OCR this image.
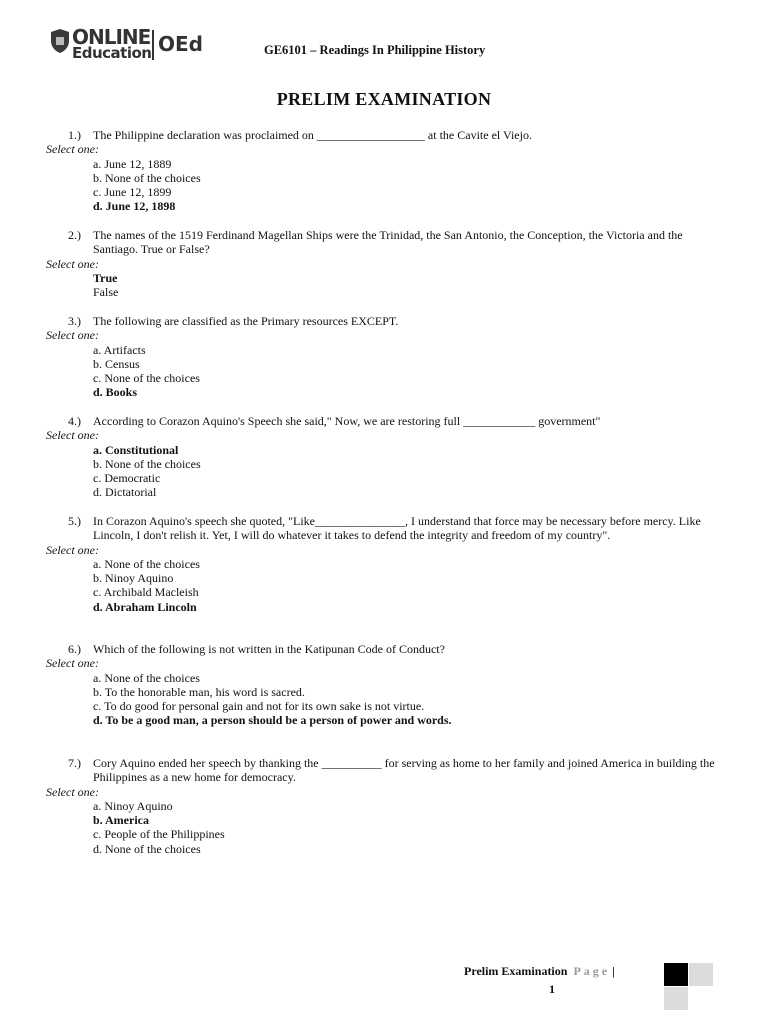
ONLINE
Education OEd	GE6101 – Readings In Philippine History
PRELIM EXAMINATION
1.) The Philippine declaration was proclaimed on __________________ at the Cavite el Viejo.
Select one:
a. June 12, 1889
b. None of the choices
c. June 12, 1899
d. June 12, 1898
2.) The names of the 1519 Ferdinand Magellan Ships were the Trinidad, the San Antonio, the Conception, the Victoria and the Santiago. True or False?
Select one:
True
False
3.) The following are classified as the Primary resources EXCEPT.
Select one:
a. Artifacts
b. Census
c. None of the choices
d. Books
4.) According to Corazon Aquino's Speech she said," Now, we are restoring full ____________ government"
Select one:
a. Constitutional
b. None of the choices
c. Democratic
d. Dictatorial
5.) In Corazon Aquino's speech she quoted, "Like_______________, I understand that force may be necessary before mercy. Like Lincoln, I don't relish it. Yet, I will do whatever it takes to defend the integrity and freedom of my country".
Select one:
a. None of the choices
b. Ninoy Aquino
c. Archibald Macleish
d. Abraham Lincoln
6.) Which of the following is not written in the Katipunan Code of Conduct?
Select one:
a. None of the choices
b. To the honorable man, his word is sacred.
c. To do good for personal gain and not for its own sake is not virtue.
d. To be a good man, a person should be a person of power and words.
7.) Cory Aquino ended her speech by thanking the __________ for serving as home to her family and joined America in building the Philippines as a new home for democracy.
Select one:
a. Ninoy Aquino
b. America
c. People of the Philippines
d. None of the choices
Prelim Examination Page |
1
